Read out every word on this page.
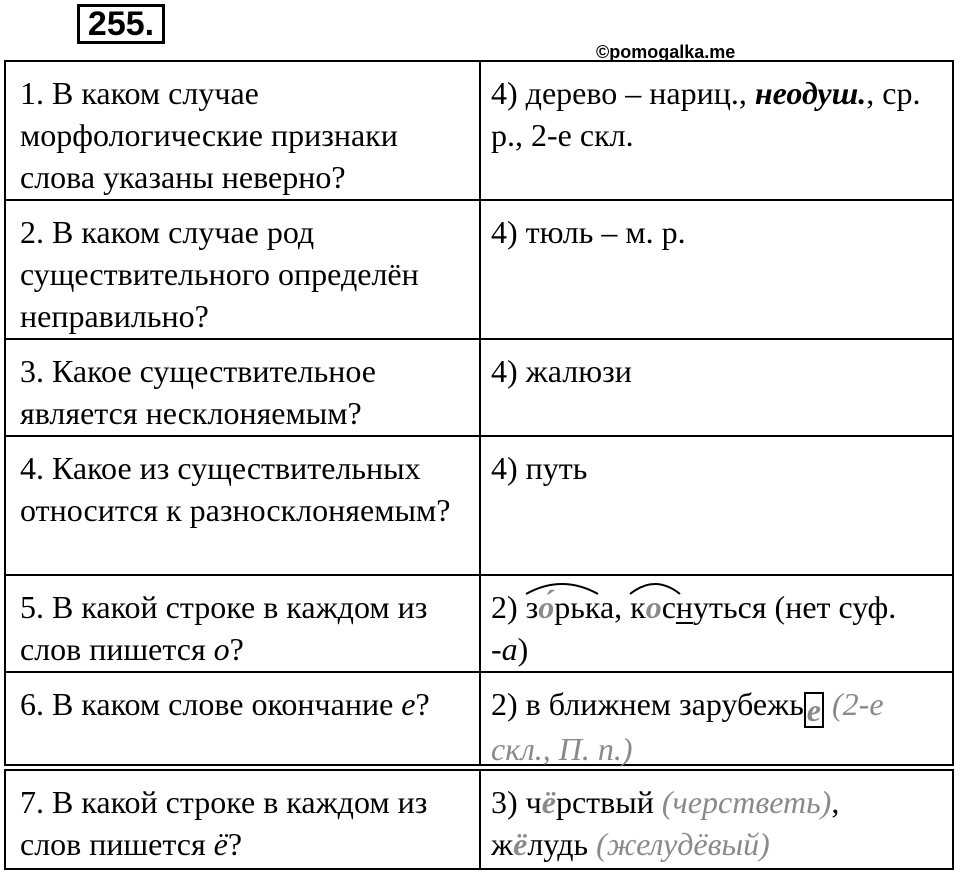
255.
©pomogalka.me
1. В каком случае морфологические признаки слова указаны неверно?
4) дерево – нариц., неодуш., ср. р., 2-е скл.
2. В каком случае род существительного определён неправильно?
4) тюль – м. р.
3. Какое существительное является несклоняемым?
4) жалюзи
4. Какое из существительных относится к разносклоняемым?
4) путь
5. В какой строке в каждом из слов пишется о?
2)
зо́рька,
коснуться (нет суф. -а)
6. В каком слове окончание е?	2) в ближнем зарубежье (2-е скл., П. п.)
7. В какой строке в каждом из слов пишется ё?
3) чёрствый (черстветь),
жёлудь (желудёвый)
